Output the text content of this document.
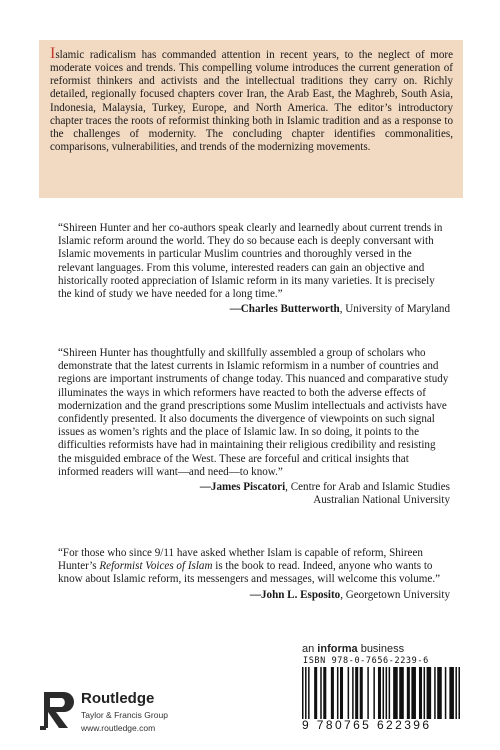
Islamic radicalism has commanded attention in recent years, to the neglect of more moderate voices and trends. This compelling volume introduces the current generation of reformist thinkers and activists and the intellectual traditions they carry on. Richly detailed, regionally focused chapters cover Iran, the Arab East, the Maghreb, South Asia, Indonesia, Malaysia, Turkey, Europe, and North America. The editor’s introductory chapter traces the roots of reformist thinking both in Islamic tradition and as a response to the challenges of modernity. The concluding chapter identifies commonalities, comparisons, vulnerabilities, and trends of the modernizing movements.

“Shireen Hunter and her co-authors speak clearly and learnedly about current trends in Islamic reform around the world. They do so because each is deeply conversant with Islamic movements in particular Muslim countries and thoroughly versed in the relevant languages. From this volume, interested readers can gain an objective and historically rooted appreciation of Islamic reform in its many varieties. It is precisely the kind of study we have needed for a long time.”

—Charles Butterworth, University of Maryland

“Shireen Hunter has thoughtfully and skillfully assembled a group of scholars who demonstrate that the latest currents in Islamic reformism in a number of countries and regions are important instruments of change today. This nuanced and comparative study illuminates the ways in which reformers have reacted to both the adverse effects of modernization and the grand prescriptions some Muslim intellectuals and activists have confidently presented. It also documents the divergence of viewpoints on such signal issues as women’s rights and the place of Islamic law. In so doing, it points to the difficulties reformists have had in maintaining their religious credibility and resisting the misguided embrace of the West. These are forceful and critical insights that informed readers will want—and need—to know.”

—James Piscatori, Centre for Arab and Islamic Studies
Australian National University

“For those who since 9/11 have asked whether Islam is capable of reform, Shireen Hunter’s Reformist Voices of Islam is the book to read. Indeed, anyone who wants to know about Islamic reform, its messengers and messages, will welcome this volume.”

—John L. Esposito, Georgetown University
an informa business
ISBN 978-0-7656-2239-6
9 780765 622396
Routledge
Taylor & Francis Group
www.routledge.com
